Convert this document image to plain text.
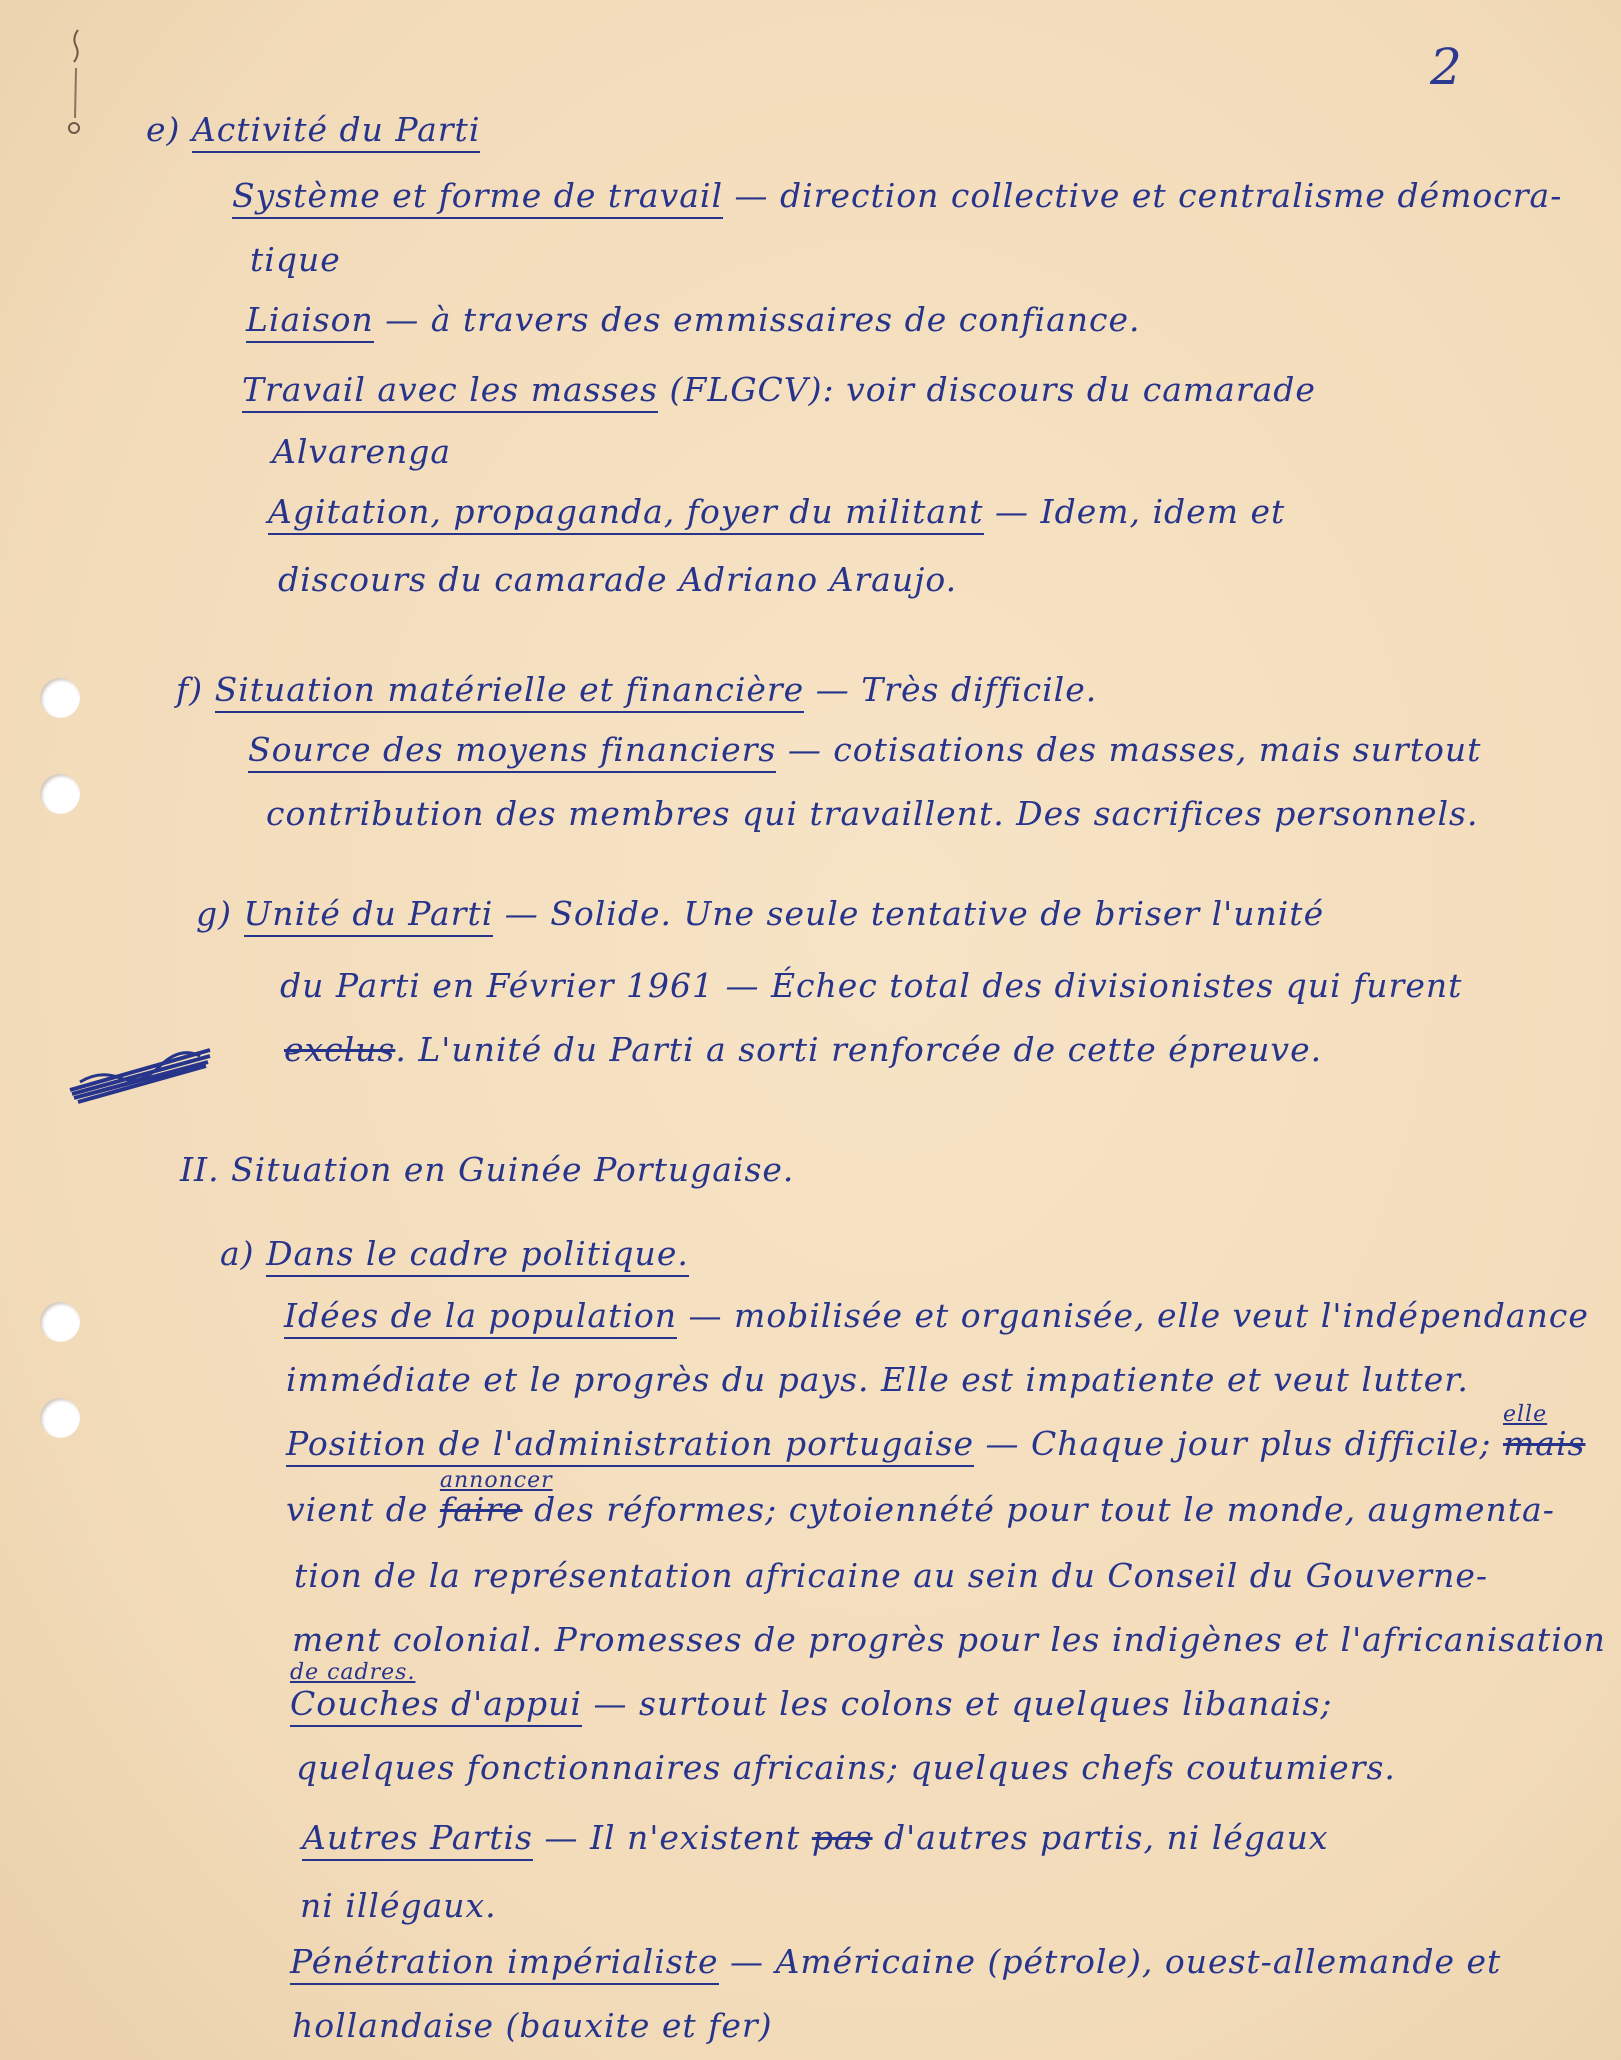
2
e) Activité du Parti
Système et forme de travail — direction collective et centralisme démocra-
tique
Liaison — à travers des emmissaires de confiance.
Travail avec les masses (FLGCV): voir discours du camarade
Alvarenga
Agitation, propaganda, foyer du militant — Idem, idem et
discours du camarade Adriano Araujo.
f) Situation matérielle et financière — Très difficile.
Source des moyens financiers — cotisations des masses, mais surtout
contribution des membres qui travaillent. Des sacrifices personnels.
g) Unité du Parti — Solide. Une seule tentative de briser l'unité
du Parti en Février 1961 — Échec total des divisionistes qui furent
exclus. L'unité du Parti a sorti renforcée de cette épreuve.
II. Situation en Guinée Portugaise.
a) Dans le cadre politique.
Idées de la population — mobilisée et organisée, elle veut l'indépendance
immédiate et le progrès du pays. Elle est impatiente et veut lutter.
Position de l'administration portugaise — Chaque jour plus difficile;
elle
mais
vient de
annoncer
faire des réformes; cytoiennété pour tout le monde, augmenta-
tion de la représentation africaine au sein du Conseil du Gouverne-
ment colonial. Promesses de progrès pour les indigènes et l'africanisation
de cadres.
Couches d'appui — surtout les colons et quelques libanais;
quelques fonctionnaires africains; quelques chefs coutumiers.
Autres Partis — Il n'existent pas d'autres partis, ni légaux
ni illégaux.
Pénétration impérialiste — Américaine (pétrole), ouest-allemande et
hollandaise (bauxite et fer)
